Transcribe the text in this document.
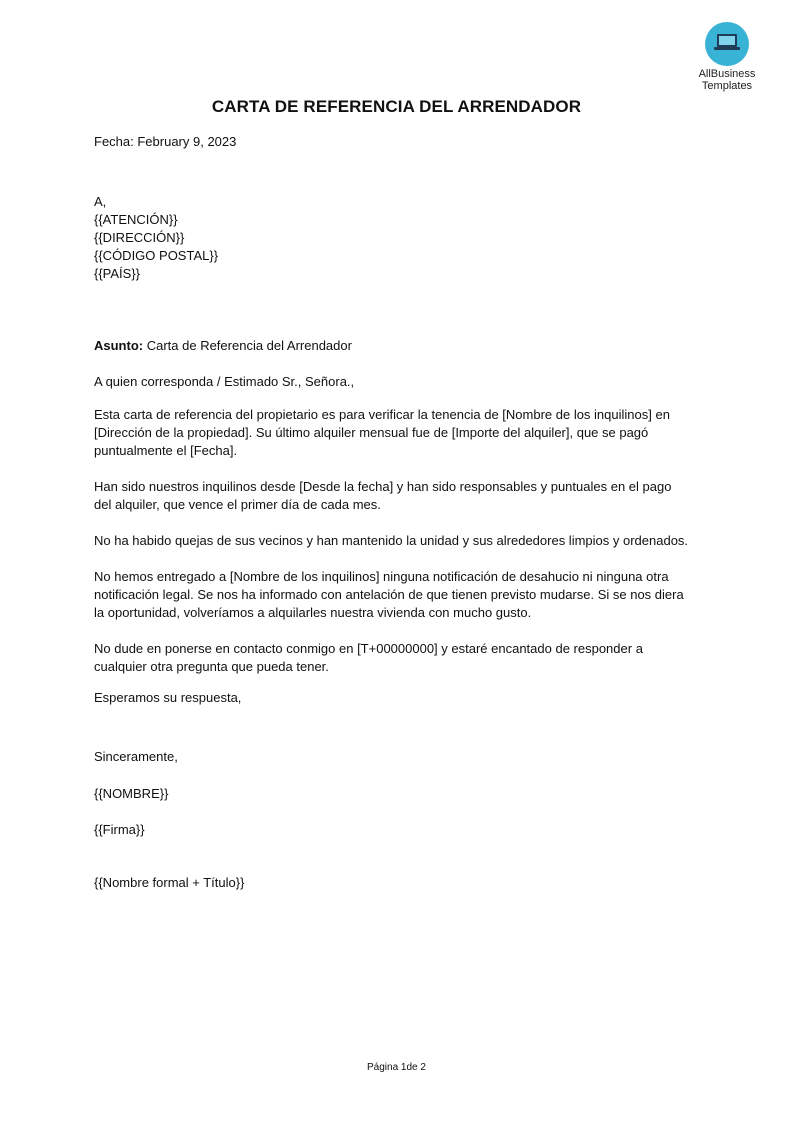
AllBusiness
Templates
CARTA DE REFERENCIA DEL ARRENDADOR
Fecha: February 9, 2023
A,
{{ATENCIÓN}}
{{DIRECCIÓN}}
{{CÓDIGO POSTAL}}
{{PAÍS}}
Asunto: Carta de Referencia del Arrendador
A quien corresponda / Estimado Sr., Señora.,
Esta carta de referencia del propietario es para verificar la tenencia de [Nombre de los inquilinos] en
[Dirección de la propiedad]. Su último alquiler mensual fue de [Importe del alquiler], que se pagó
puntualmente el [Fecha].
Han sido nuestros inquilinos desde [Desde la fecha] y han sido responsables y puntuales en el pago
del alquiler, que vence el primer día de cada mes.
No ha habido quejas de sus vecinos y han mantenido la unidad y sus alrededores limpios y ordenados.
No hemos entregado a [Nombre de los inquilinos] ninguna notificación de desahucio ni ninguna otra
notificación legal. Se nos ha informado con antelación de que tienen previsto mudarse. Si se nos diera
la oportunidad, volveríamos a alquilarles nuestra vivienda con mucho gusto.
No dude en ponerse en contacto conmigo en [T+00000000] y estaré encantado de responder a
cualquier otra pregunta que pueda tener.
Esperamos su respuesta,
Sinceramente,
{{NOMBRE}}
{{Firma}}
{{Nombre formal + Título}}
Página 1de 2
